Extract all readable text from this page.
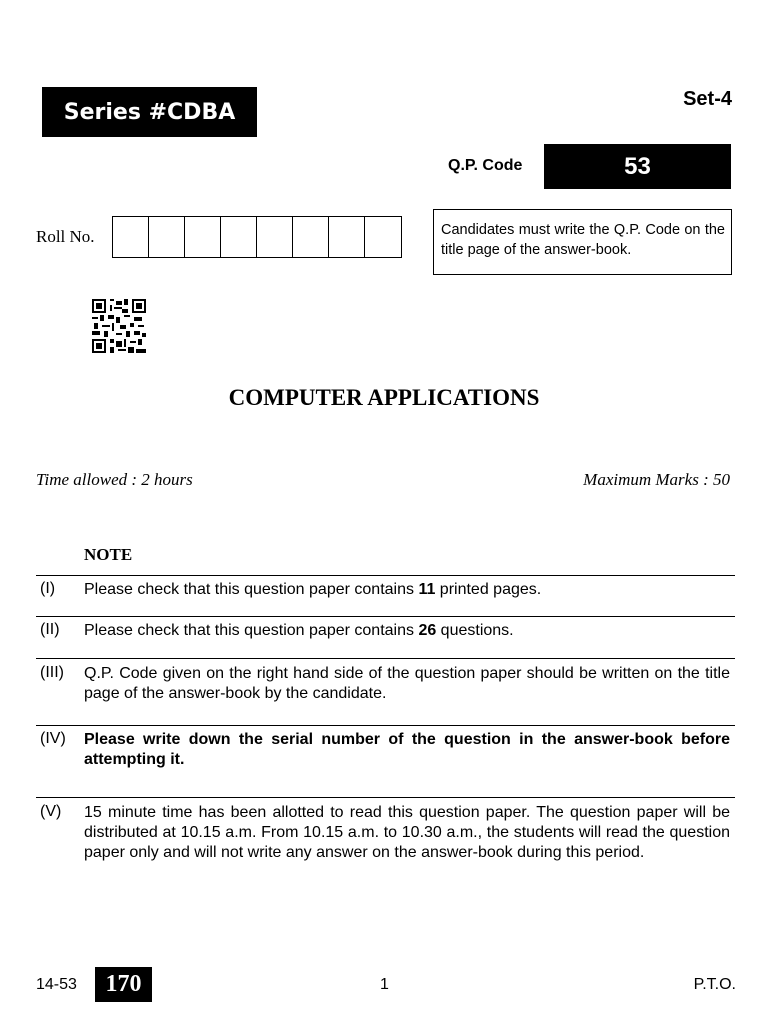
Series #CDBA
Set-4
Q.P. Code	53
Roll No.	Candidates must write the Q.P. Code on the title page of the answer-book.
COMPUTER APPLICATIONS
Time allowed : 2 hours	Maximum Marks : 50
NOTE
(I) Please check that this question paper contains 11 printed pages.
(II) Please check that this question paper contains 26 questions.
(III) Q.P. Code given on the right hand side of the question paper should be written on the title page of the answer-book by the candidate.
(IV) Please write down the serial number of the question in the answer-book before attempting it.
(V) 15 minute time has been allotted to read this question paper. The question paper will be distributed at 10.15 a.m. From 10.15 a.m. to 10.30 a.m., the students will read the question paper only and will not write any answer on the answer-book during this period.
14-53	170	1	P.T.O.
